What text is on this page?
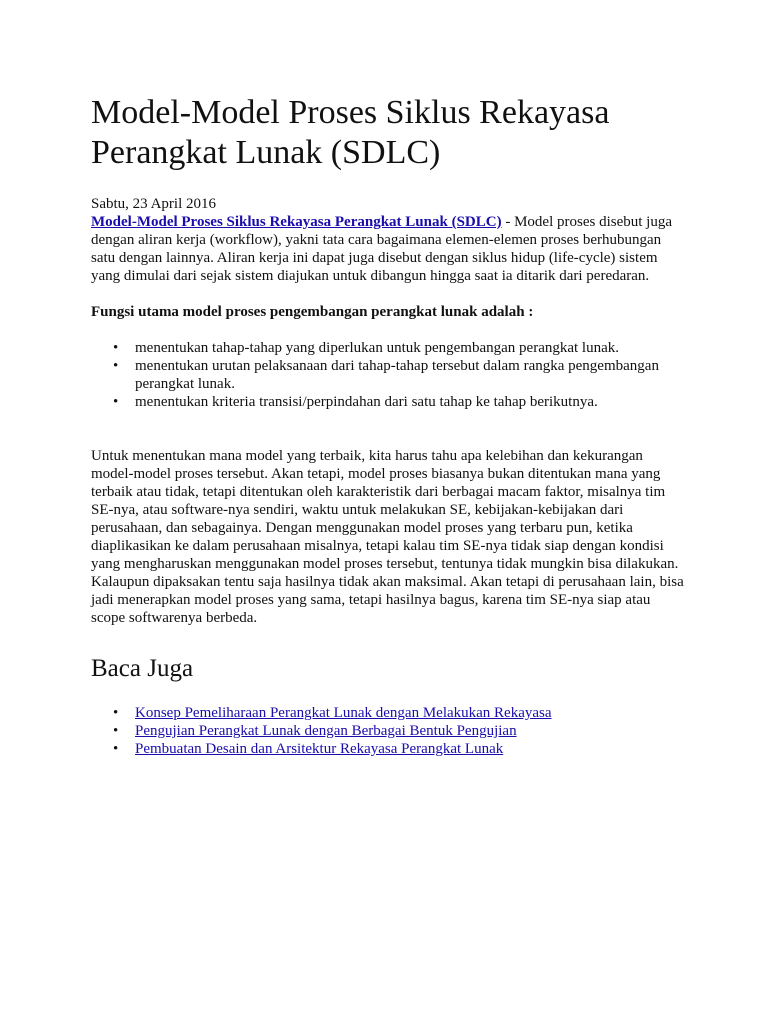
Model-Model Proses Siklus Rekayasa Perangkat Lunak (SDLC)
Sabtu, 23 April 2016

Model-Model Proses Siklus Rekayasa Perangkat Lunak (SDLC) - Model proses disebut juga dengan aliran kerja (workflow), yakni tata cara bagaimana elemen-elemen proses berhubungan satu dengan lainnya. Aliran kerja ini dapat juga disebut dengan siklus hidup (life-cycle) sistem yang dimulai dari sejak sistem diajukan untuk dibangun hingga saat ia ditarik dari peredaran.

Fungsi utama model proses pengembangan perangkat lunak adalah :
• menentukan tahap-tahap yang diperlukan untuk pengembangan perangkat lunak.
• menentukan urutan pelaksanaan dari tahap-tahap tersebut dalam rangka pengembangan perangkat lunak.
• menentukan kriteria transisi/perpindahan dari satu tahap ke tahap berikutnya.

Untuk menentukan mana model yang terbaik, kita harus tahu apa kelebihan dan kekurangan model-model proses tersebut. Akan tetapi, model proses biasanya bukan ditentukan mana yang terbaik atau tidak, tetapi ditentukan oleh karakteristik dari berbagai macam faktor, misalnya tim SE-nya, atau software-nya sendiri, waktu untuk melakukan SE, kebijakan-kebijakan dari perusahaan, dan sebagainya. Dengan menggunakan model proses yang terbaru pun, ketika diaplikasikan ke dalam perusahaan misalnya, tetapi kalau tim SE-nya tidak siap dengan kondisi yang mengharuskan menggunakan model proses tersebut, tentunya tidak mungkin bisa dilakukan. Kalaupun dipaksakan tentu saja hasilnya tidak akan maksimal. Akan tetapi di perusahaan lain, bisa jadi menerapkan model proses yang sama, tetapi hasilnya bagus, karena tim SE-nya siap atau scope softwarenya berbeda.

Baca Juga
• Konsep Pemeliharaan Perangkat Lunak dengan Melakukan Rekayasa
• Pengujian Perangkat Lunak dengan Berbagai Bentuk Pengujian
• Pembuatan Desain dan Arsitektur Rekayasa Perangkat Lunak
